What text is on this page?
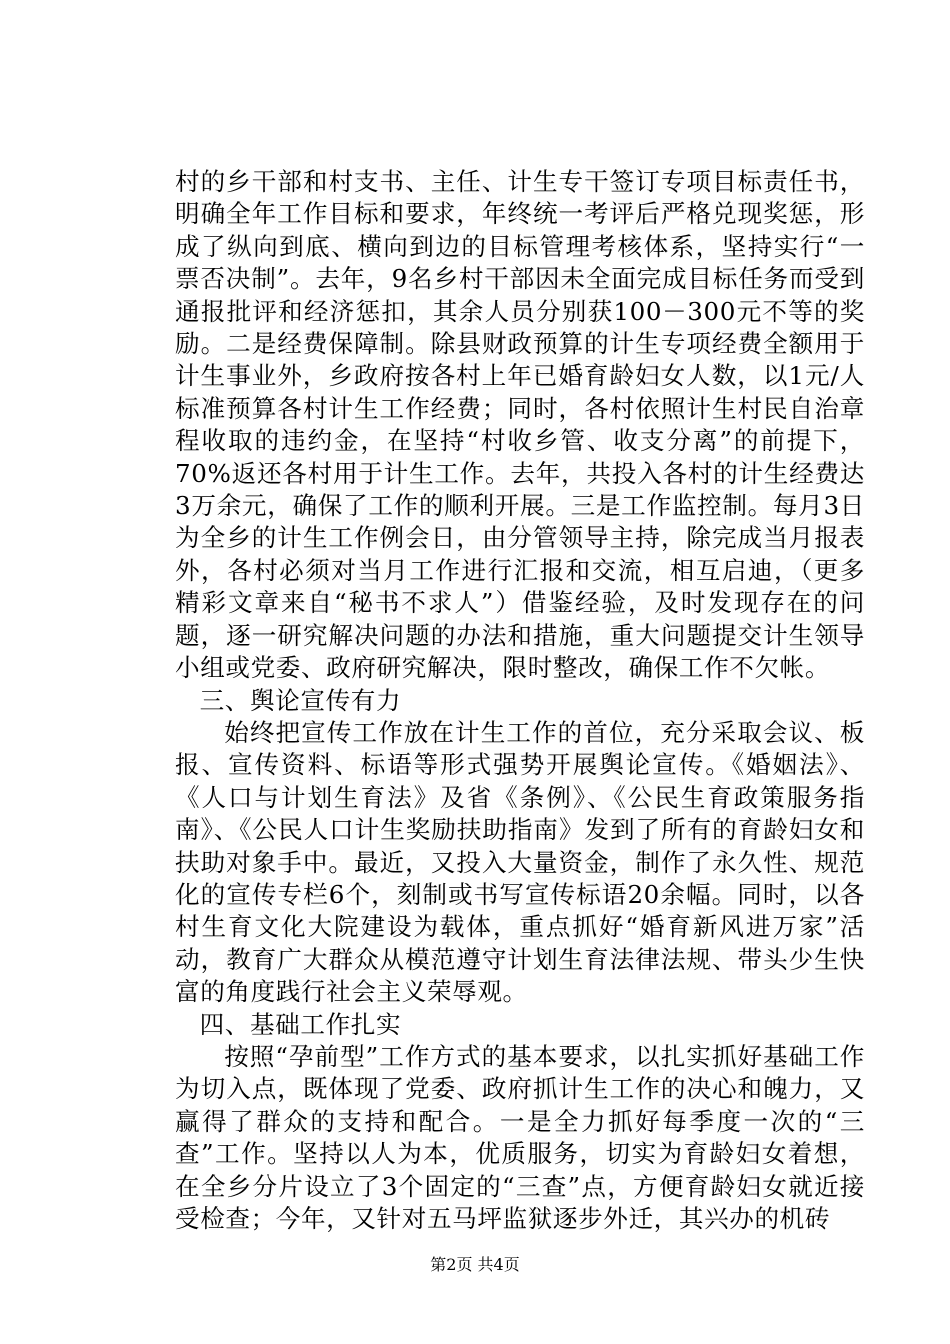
村的乡干部和村支书、主任、计生专干签订专项目标责任书，明确全年工作目标和要求，年终统一考评后严格兑现奖惩，形成了纵向到底、横向到边的目标管理考核体系，坚持实行“一票否决制”。去年，9名乡村干部因未全面完成目标任务而受到通报批评和经济惩扣，其余人员分别获100－300元不等的奖励。二是经费保障制。除县财政预算的计生专项经费全额用于计生事业外，乡政府按各村上年已婚育龄妇女人数，以1元/人标准预算各村计生工作经费；同时，各村依照计生村民自治章程收取的违约金，在坚持“村收乡管、收支分离”的前提下，70%返还各村用于计生工作。去年，共投入各村的计生经费达3万余元，确保了工作的顺利开展。三是工作监控制。每月3日为全乡的计生工作例会日，由分管领导主持，除完成当月报表外，各村必须对当月工作进行汇报和交流，相互启迪，（更多精彩文章来自“秘书不求人”）借鉴经验，及时发现存在的问题，逐一研究解决问题的办法和措施，重大问题提交计生领导小组或党委、政府研究解决，限时整改，确保工作不欠帐。

三、舆论宣传有力

始终把宣传工作放在计生工作的首位，充分采取会议、板报、宣传资料、标语等形式强势开展舆论宣传。《婚姻法》、《人口与计划生育法》及省《条例》、《公民生育政策服务指南》、《公民人口计生奖励扶助指南》发到了所有的育龄妇女和扶助对象手中。最近，又投入大量资金，制作了永久性、规范化的宣传专栏6个，刻制或书写宣传标语20余幅。同时，以各村生育文化大院建设为载体，重点抓好“婚育新风进万家”活动，教育广大群众从模范遵守计划生育法律法规、带头少生快富的角度践行社会主义荣辱观。

四、基础工作扎实

按照“孕前型”工作方式的基本要求，以扎实抓好基础工作为切入点，既体现了党委、政府抓计生工作的决心和魄力，又赢得了群众的支持和配合。一是全力抓好每季度一次的“三查”工作。坚持以人为本，优质服务，切实为育龄妇女着想，在全乡分片设立了3个固定的“三查”点，方便育龄妇女就近接受检查；今年，又针对五马坪监狱逐步外迁，其兴办的机砖

第2页 共4页
